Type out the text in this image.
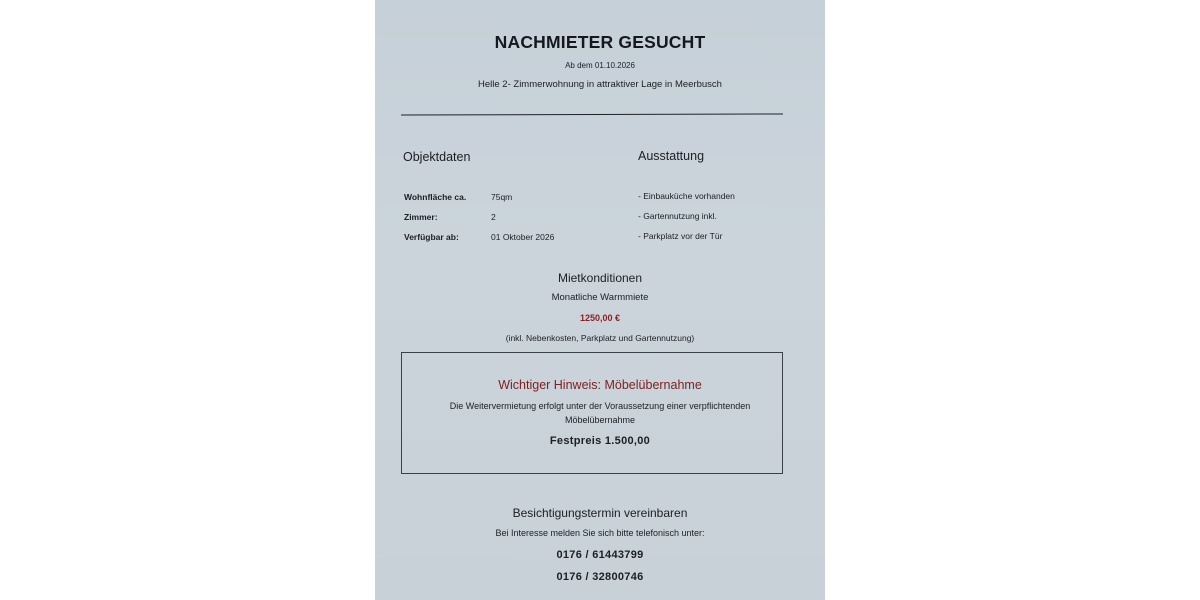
NACHMIETER GESUCHT
Ab dem 01.10.2026
Helle 2- Zimmerwohnung in attraktiver Lage in Meerbusch
Objektdaten	Ausstattung
Wohnfläche ca.	75qm
Zimmer:	2
Verfügbar ab:	01 Oktober 2026
- Einbauküche vorhanden
- Gartennutzung inkl.
- Parkplatz vor der Tür
Mietkonditionen
Monatliche Warmmiete
1250,00 €
(inkl. Nebenkosten, Parkplatz und Gartennutzung)
Wichtiger Hinweis: Möbelübernahme
Die Weitervermietung erfolgt unter der Voraussetzung einer verpflichtenden
Möbelübernahme
Festpreis 1.500,00
Besichtigungstermin vereinbaren
Bei Interesse melden Sie sich bitte telefonisch unter:
0176 / 61443799
0176 / 32800746
